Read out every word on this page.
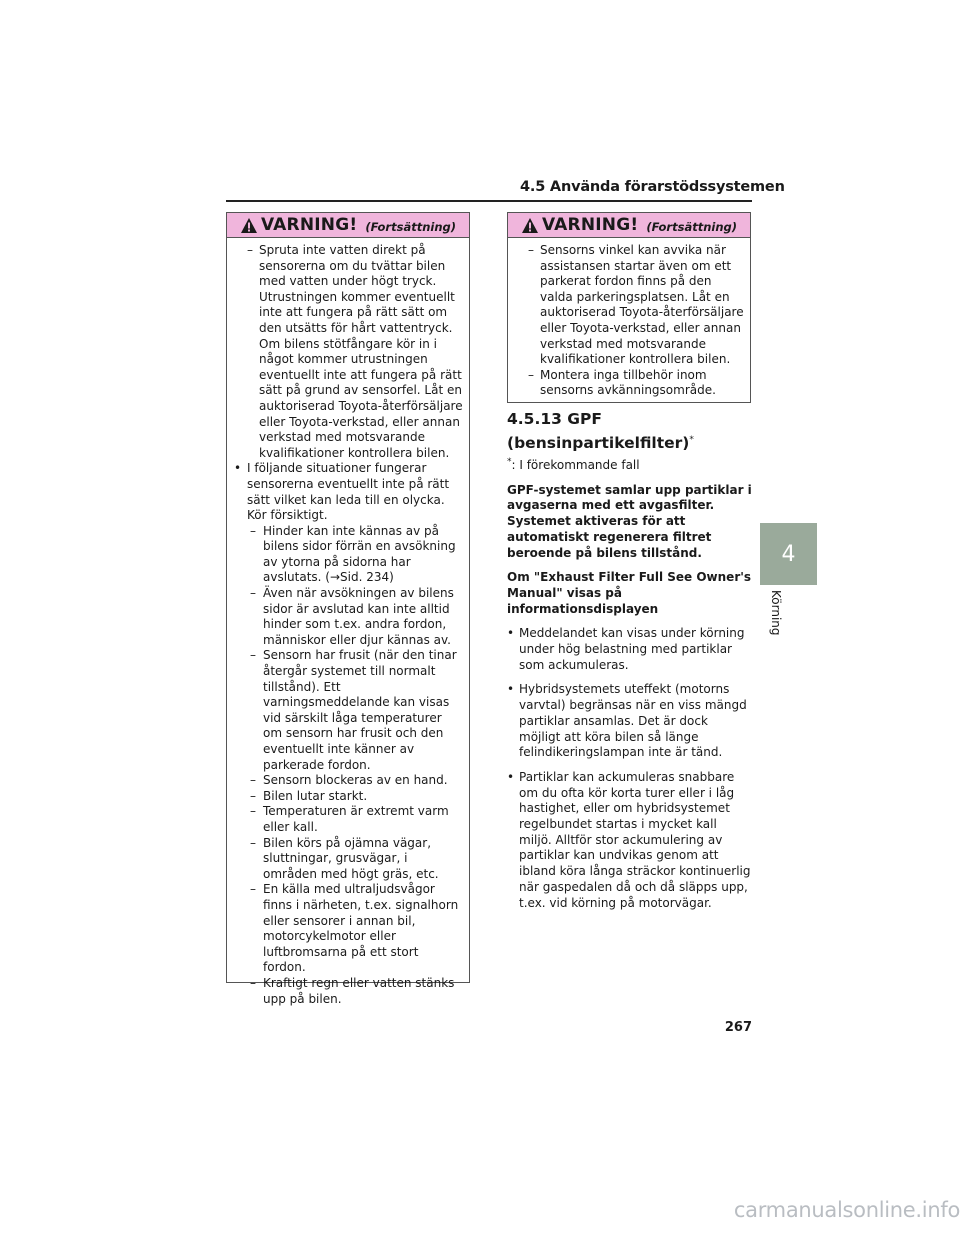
4.5 Använda förarstödssystemen
VARNING! (Fortsättning)
– Spruta inte vatten direkt på sensorerna om du tvättar bilen med vatten under högt tryck. Utrustningen kommer eventuellt inte att fungera på rätt sätt om den utsätts för hårt vattentryck. Om bilens stötfångare kör in i något kommer utrustningen eventuellt inte att fungera på rätt sätt på grund av sensorfel. Låt en auktoriserad Toyota-återförsäljare eller Toyota-verkstad, eller annan verkstad med motsvarande kvalifikationer kontrollera bilen.
• I följande situationer fungerar sensorerna eventuellt inte på rätt sätt vilket kan leda till en olycka. Kör försiktigt.
– Hinder kan inte kännas av på bilens sidor förrän en avsökning av ytorna på sidorna har avslutats. (→Sid. 234)
– Även när avsökningen av bilens sidor är avslutad kan inte alltid hinder som t.ex. andra fordon, människor eller djur kännas av.
– Sensorn har frusit (när den tinar återgår systemet till normalt tillstånd). Ett varningsmeddelande kan visas vid särskilt låga temperaturer om sensorn har frusit och den eventuellt inte känner av parkerade fordon.
– Sensorn blockeras av en hand.
– Bilen lutar starkt.
– Temperaturen är extremt varm eller kall.
– Bilen körs på ojämna vägar, sluttningar, grusvägar, i områden med högt gräs, etc.
– En källa med ultraljudsvågor finns i närheten, t.ex. signalhorn eller sensorer i annan bil, motorcykelmotor eller luftbromsarna på ett stort fordon.
– Kraftigt regn eller vatten stänks upp på bilen.
VARNING! (Fortsättning)
– Sensorns vinkel kan avvika när assistansen startar även om ett parkerat fordon finns på den valda parkeringsplatsen. Låt en auktoriserad Toyota-återförsäljare eller Toyota-verkstad, eller annan verkstad med motsvarande kvalifikationer kontrollera bilen.
– Montera inga tillbehör inom sensorns avkänningsområde.
4.5.13 GPF
(bensinpartikelfilter)*

*: I förekommande fall

GPF-systemet samlar upp partiklar i avgaserna med ett avgasfilter. Systemet aktiveras för att automatiskt regenerera filtret beroende på bilens tillstånd.

Om "Exhaust Filter Full See Owner's Manual" visas på informationsdisplayen

• Meddelandet kan visas under körning under hög belastning med partiklar som ackumuleras.
• Hybridsystemets uteffekt (motorns varvtal) begränsas när en viss mängd partiklar ansamlas. Det är dock möjligt att köra bilen så länge felindikeringslampan inte är tänd.
• Partiklar kan ackumuleras snabbare om du ofta kör korta turer eller i låg hastighet, eller om hybridsystemet regelbundet startas i mycket kall miljö. Alltför stor ackumulering av partiklar kan undvikas genom att ibland köra långa sträckor kontinuerlig när gaspedalen då och då släpps upp, t.ex. vid körning på motorvägar.
4
Körning
267
carmanualsonline.info
